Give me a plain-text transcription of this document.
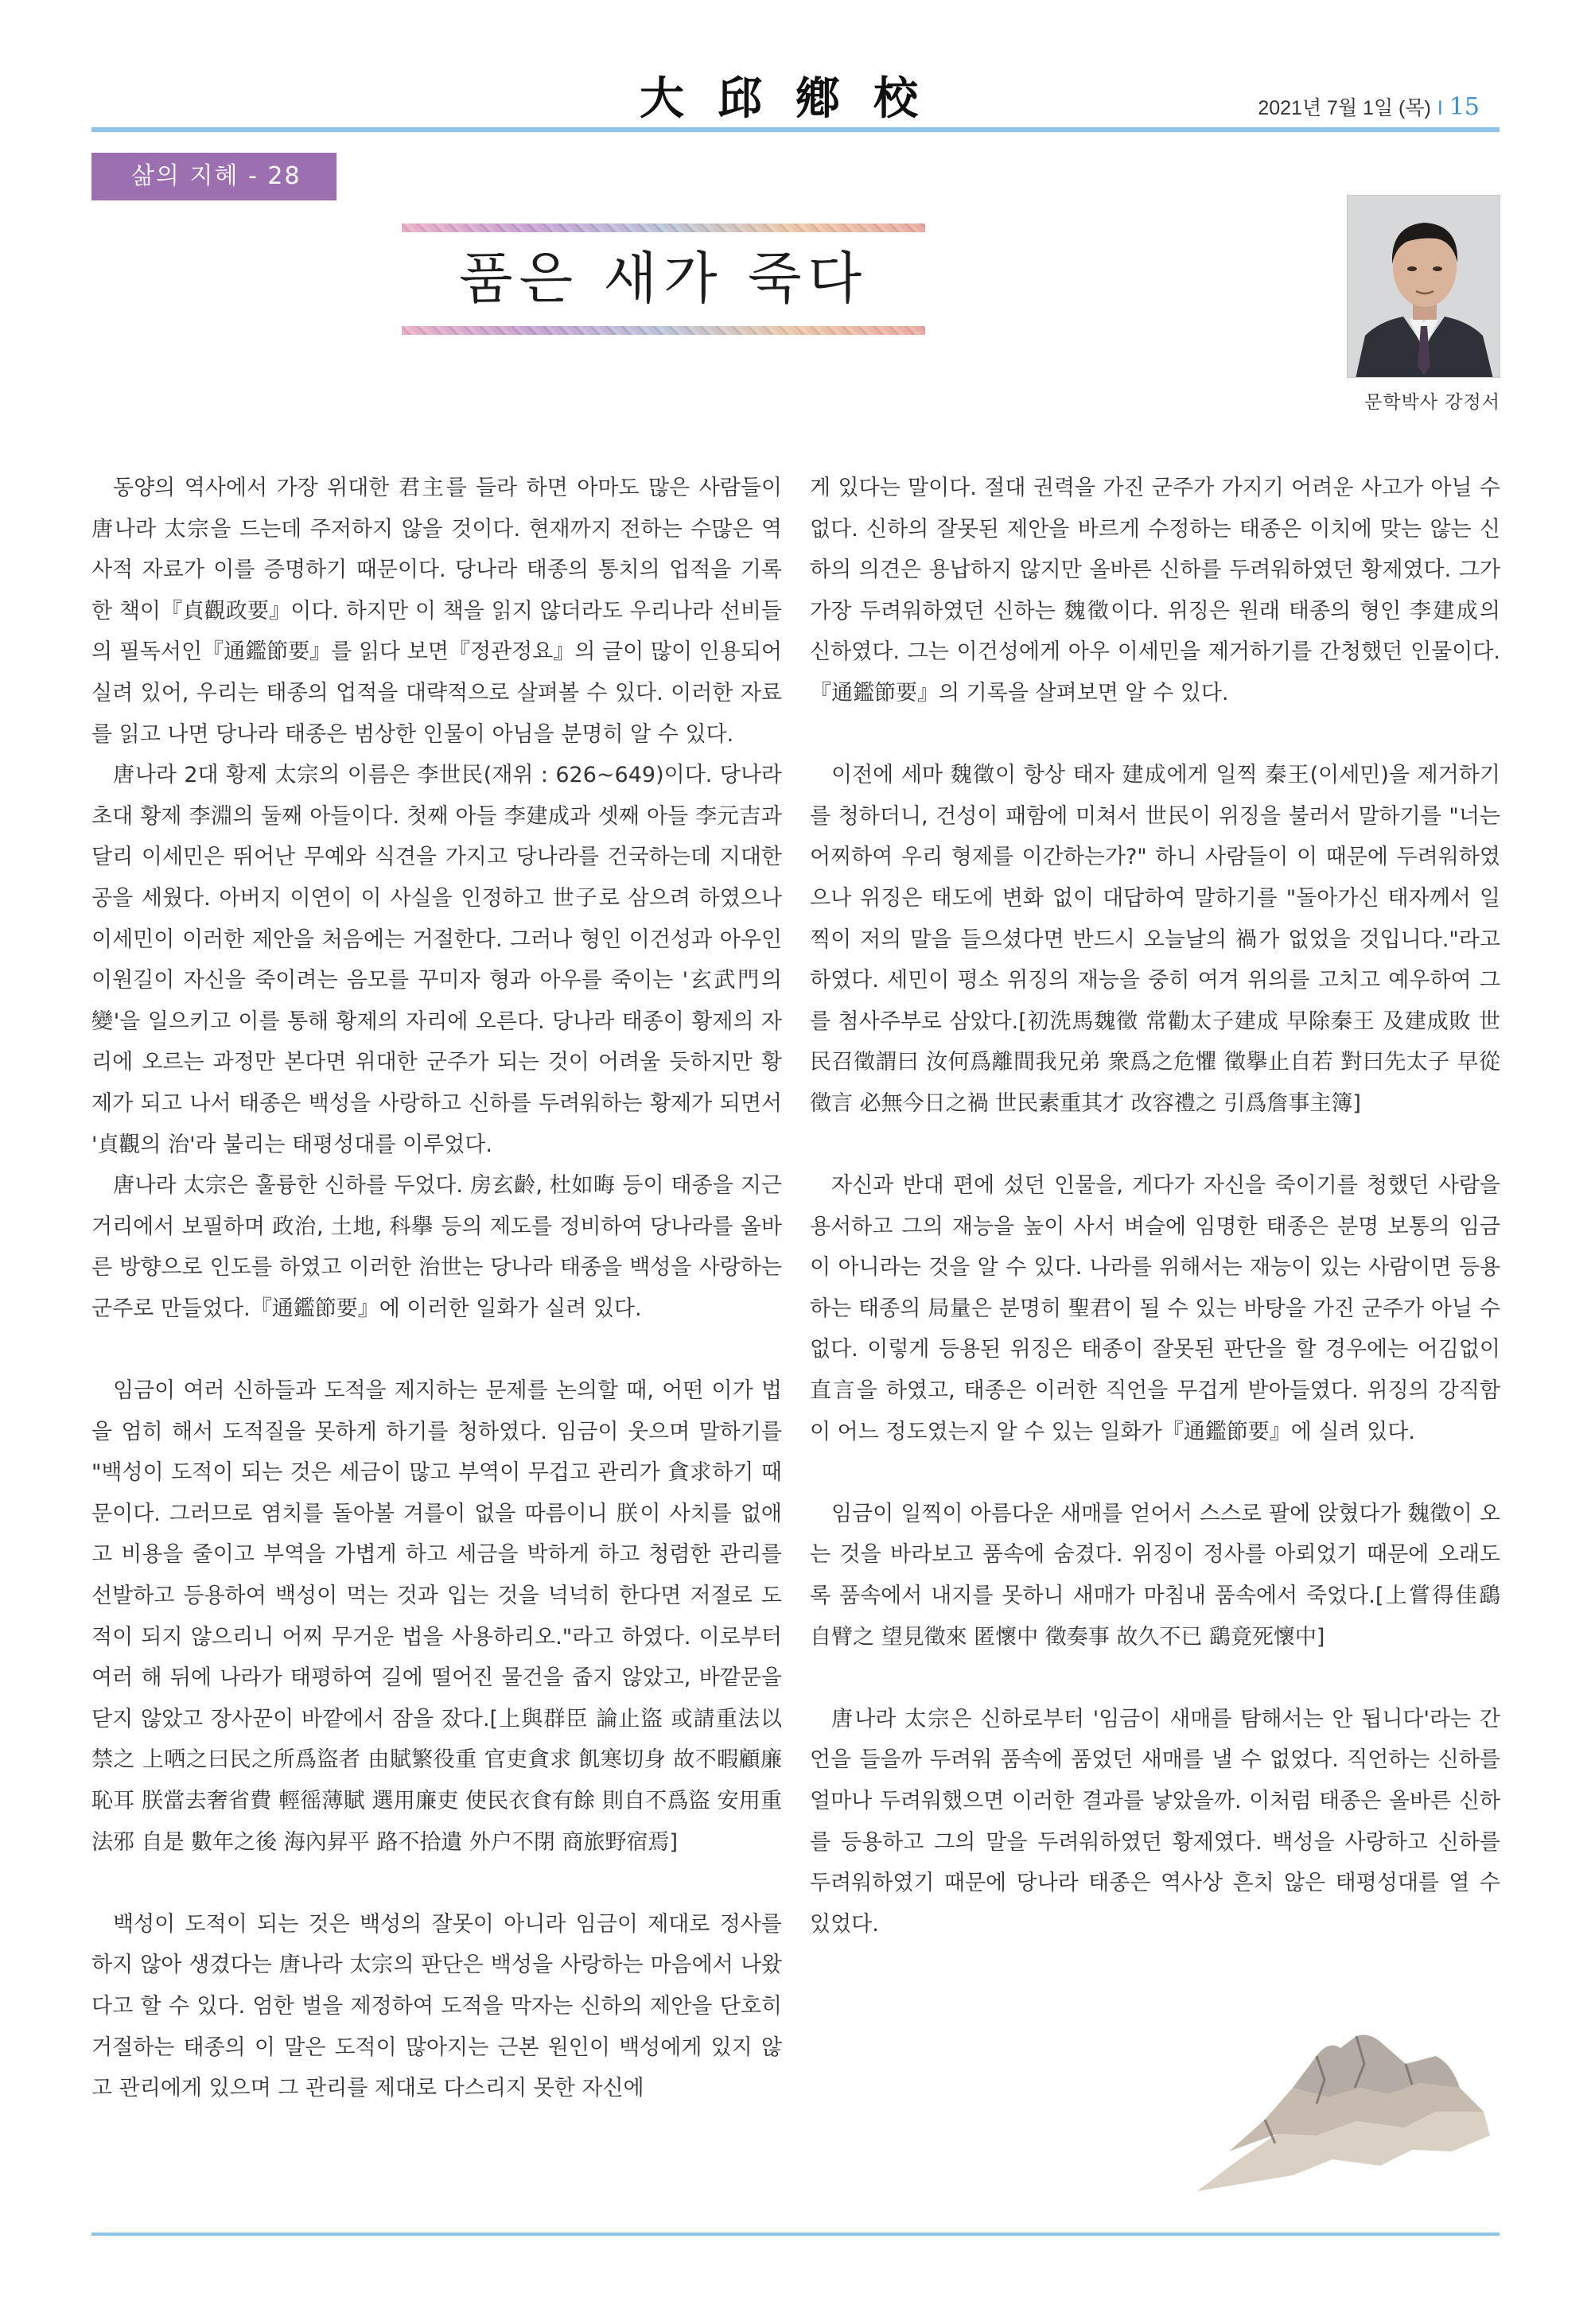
大邱鄕校	2021년 7월 1일 (목) I 15
삶의 지혜 - 28
품은 새가 죽다
문학박사 강정서

동양의 역사에서 가장 위대한 君主를 들라 하면 아마도 많은 사람들이 唐나라 太宗을 드는데 주저하지 않을 것이다. 현재까지 전하는 수많은 역사적 자료가 이를 증명하기 때문이다. 당나라 태종의 통치의 업적을 기록한 책이『貞觀政要』이다. 하지만 이 책을 읽지 않더라도 우리나라 선비들의 필독서인『通鑑節要』를 읽다 보면『정관정요』의 글이 많이 인용되어 실려 있어, 우리는 태종의 업적을 대략적으로 살펴볼 수 있다. 이러한 자료를 읽고 나면 당나라 태종은 범상한 인물이 아님을 분명히 알 수 있다.

唐나라 2대 황제 太宗의 이름은 李世民(재위 : 626~649)이다. 당나라 초대 황제 李淵의 둘째 아들이다. 첫째 아들 李建成과 셋째 아들 李元吉과 달리 이세민은 뛰어난 무예와 식견을 가지고 당나라를 건국하는데 지대한 공을 세웠다. 아버지 이연이 이 사실을 인정하고 世子로 삼으려 하였으나 이세민이 이러한 제안을 처음에는 거절한다. 그러나 형인 이건성과 아우인 이원길이 자신을 죽이려는 음모를 꾸미자 형과 아우를 죽이는 '玄武門의 變'을 일으키고 이를 통해 황제의 자리에 오른다. 당나라 태종이 황제의 자리에 오르는 과정만 본다면 위대한 군주가 되는 것이 어려울 듯하지만 황제가 되고 나서 태종은 백성을 사랑하고 신하를 두려워하는 황제가 되면서 '貞觀의 治'라 불리는 태평성대를 이루었다.

唐나라 太宗은 훌륭한 신하를 두었다. 房玄齡, 杜如晦 등이 태종을 지근 거리에서 보필하며 政治, 土地, 科擧 등의 제도를 정비하여 당나라를 올바른 방향으로 인도를 하였고 이러한 治世는 당나라 태종을 백성을 사랑하는 군주로 만들었다.『通鑑節要』에 이러한 일화가 실려 있다.

임금이 여러 신하들과 도적을 제지하는 문제를 논의할 때, 어떤 이가 법을 엄히 해서 도적질을 못하게 하기를 청하였다. 임금이 웃으며 말하기를 "백성이 도적이 되는 것은 세금이 많고 부역이 무겁고 관리가 貪求하기 때문이다. 그러므로 염치를 돌아볼 겨를이 없을 따름이니 朕이 사치를 없애고 비용을 줄이고 부역을 가볍게 하고 세금을 박하게 하고 청렴한 관리를 선발하고 등용하여 백성이 먹는 것과 입는 것을 넉넉히 한다면 저절로 도적이 되지 않으리니 어찌 무거운 법을 사용하리오."라고 하였다. 이로부터 여러 해 뒤에 나라가 태평하여 길에 떨어진 물건을 줍지 않았고, 바깥문을 닫지 않았고 장사꾼이 바깥에서 잠을 잤다.[上與群臣 論止盜 或請重法以禁之 上哂之曰民之所爲盜者 由賦繁役重 官吏貪求 飢寒切身 故不暇顧廉恥耳 朕當去奢省費 輕徭薄賦 選用廉吏 使民衣食有餘 則自不爲盜 安用重法邪 自是 數年之後 海內昇平 路不拾遺 外户不閉 商旅野宿焉]

백성이 도적이 되는 것은 백성의 잘못이 아니라 임금이 제대로 정사를 하지 않아 생겼다는 唐나라 太宗의 판단은 백성을 사랑하는 마음에서 나왔다고 할 수 있다. 엄한 벌을 제정하여 도적을 막자는 신하의 제안을 단호히 거절하는 태종의 이 말은 도적이 많아지는 근본 원인이 백성에게 있지 않고 관리에게 있으며 그 관리를 제대로 다스리지 못한 자신에

게 있다는 말이다. 절대 권력을 가진 군주가 가지기 어려운 사고가 아닐 수 없다. 신하의 잘못된 제안을 바르게 수정하는 태종은 이치에 맞는 않는 신하의 의견은 용납하지 않지만 올바른 신하를 두려워하였던 황제였다. 그가 가장 두려워하였던 신하는 魏徵이다. 위징은 원래 태종의 형인 李建成의 신하였다. 그는 이건성에게 아우 이세민을 제거하기를 간청했던 인물이다.『通鑑節要』의 기록을 살펴보면 알 수 있다.

이전에 세마 魏徵이 항상 태자 建成에게 일찍 秦王(이세민)을 제거하기를 청하더니, 건성이 패함에 미쳐서 世民이 위징을 불러서 말하기를 "너는 어찌하여 우리 형제를 이간하는가?" 하니 사람들이 이 때문에 두려워하였으나 위징은 태도에 변화 없이 대답하여 말하기를 "돌아가신 태자께서 일찍이 저의 말을 들으셨다면 반드시 오늘날의 禍가 없었을 것입니다."라고 하였다. 세민이 평소 위징의 재능을 중히 여겨 위의를 고치고 예우하여 그를 첨사주부로 삼았다.[初洗馬魏徵 常勸太子建成 早除秦王 及建成敗 世民召徵謂曰 汝何爲離間我兄弟 衆爲之危懼 徵擧止自若 對曰先太子 早從徵言 必無今日之禍 世民素重其才 改容禮之 引爲詹事主簿]

자신과 반대 편에 섰던 인물을, 게다가 자신을 죽이기를 청했던 사람을 용서하고 그의 재능을 높이 사서 벼슬에 임명한 태종은 분명 보통의 임금이 아니라는 것을 알 수 있다. 나라를 위해서는 재능이 있는 사람이면 등용하는 태종의 局量은 분명히 聖君이 될 수 있는 바탕을 가진 군주가 아닐 수 없다. 이렇게 등용된 위징은 태종이 잘못된 판단을 할 경우에는 어김없이 直言을 하였고, 태종은 이러한 직언을 무겁게 받아들였다. 위징의 강직함이 어느 정도였는지 알 수 있는 일화가『通鑑節要』에 실려 있다.

임금이 일찍이 아름다운 새매를 얻어서 스스로 팔에 앉혔다가 魏徵이 오는 것을 바라보고 품속에 숨겼다. 위징이 정사를 아뢰었기 때문에 오래도록 품속에서 내지를 못하니 새매가 마침내 품속에서 죽었다.[上嘗得佳鷂 自臂之 望見徵來 匿懷中 徵奏事 故久不已 鷂竟死懷中]

唐나라 太宗은 신하로부터 '임금이 새매를 탐해서는 안 됩니다'라는 간언을 들을까 두려워 품속에 품었던 새매를 낼 수 없었다. 직언하는 신하를 얼마나 두려워했으면 이러한 결과를 낳았을까. 이처럼 태종은 올바른 신하를 등용하고 그의 말을 두려워하였던 황제였다. 백성을 사랑하고 신하를 두려워하였기 때문에 당나라 태종은 역사상 흔치 않은 태평성대를 열 수 있었다.
